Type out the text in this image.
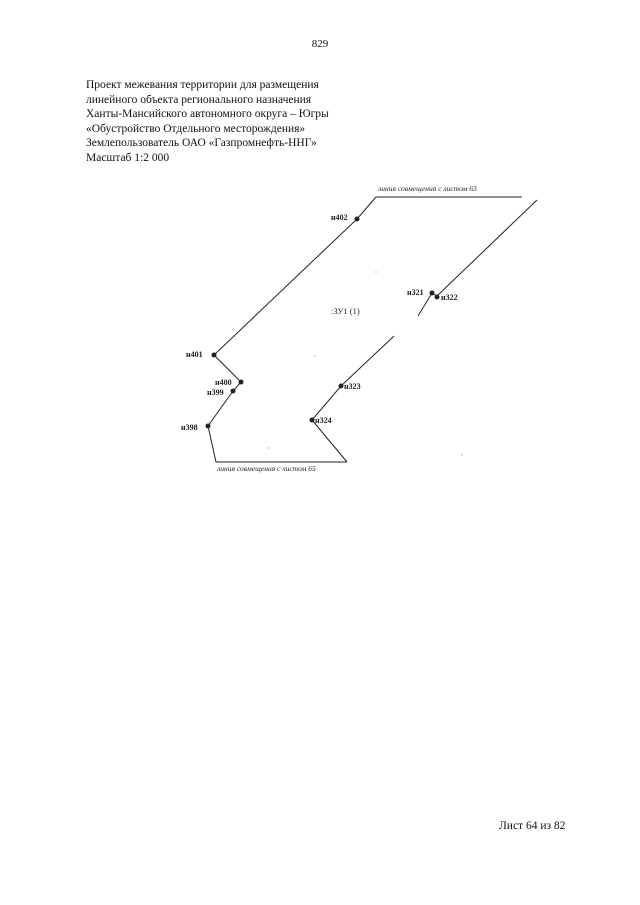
829
Проект межевания территории для размещения
линейного объекта регионального назначения
Ханты-Мансийского автономного округа – Югры
«Обустройство Отдельного месторождения»
Землепользователь ОАО «Газпромнефть-ННГ»
Масштаб 1:2 000
линия совмещения с листом 63
линия совмещения с листом 65
:ЗУ1 (1)
н402
н401
н400
н399
н398
н321
н322
н323
н324
Лист 64 из 82
